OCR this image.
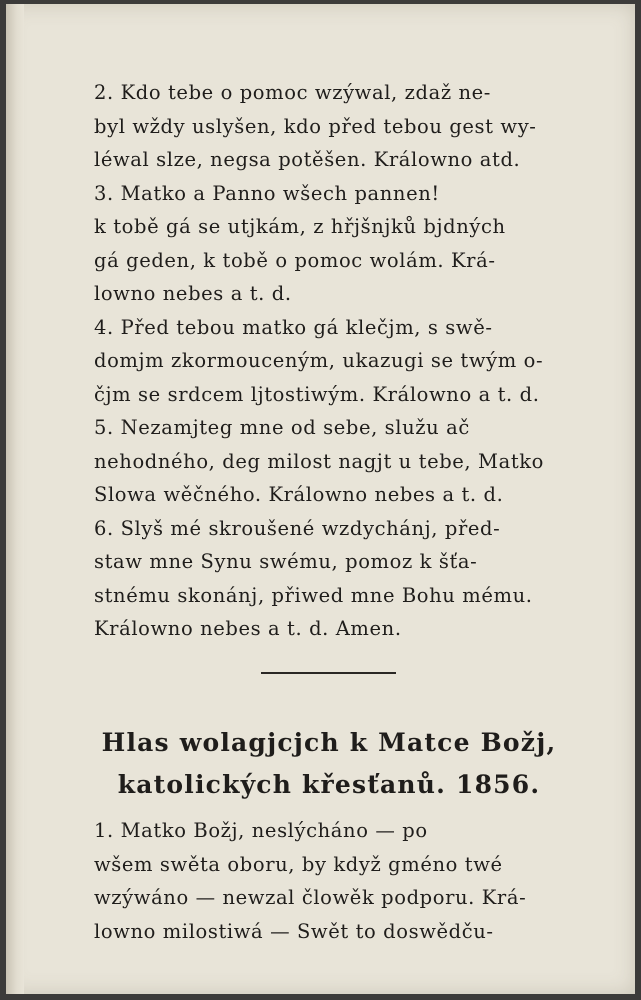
2. Kdo tebe o pomoc wzýwal, zdaž ne-
byl wždy uslyšen, kdo před tebou gest wy-
léwal slze, negsa potěšen. Králowno atd.
3. Matko a Panno wšech pannen!
k tobě gá se utjkám, z hřjšnjků bjdných
gá geden, k tobě o pomoc wolám. Krá-
lowno nebes a t. d.
4. Před tebou matko gá klečjm, s swě-
domjm zkormouceným, ukazugi se twým o-
čjm se srdcem ljtostiwým. Králowno a t. d.
5. Nezamjteg mne od sebe, služu ač
nehodného, deg milost nagjt u tebe, Matko
Slowa wěčného. Králowno nebes a t. d.
6. Slyš mé skroušené wzdychánj, před-
staw mne Synu swému, pomoz k šťa-
stnému skonánj, přiwed mne Bohu mému.
Králowno nebes a t. d. Amen.
Hlas wolagjcjch k Matce Božj,
katolických křesťanů. 1856.
1. Matko Božj, neslýcháno — po
wšem swěta oboru, by když gméno twé
wzýwáno — newzal člowěk podporu. Krá-
lowno milostiwá — Swět to doswědču-
